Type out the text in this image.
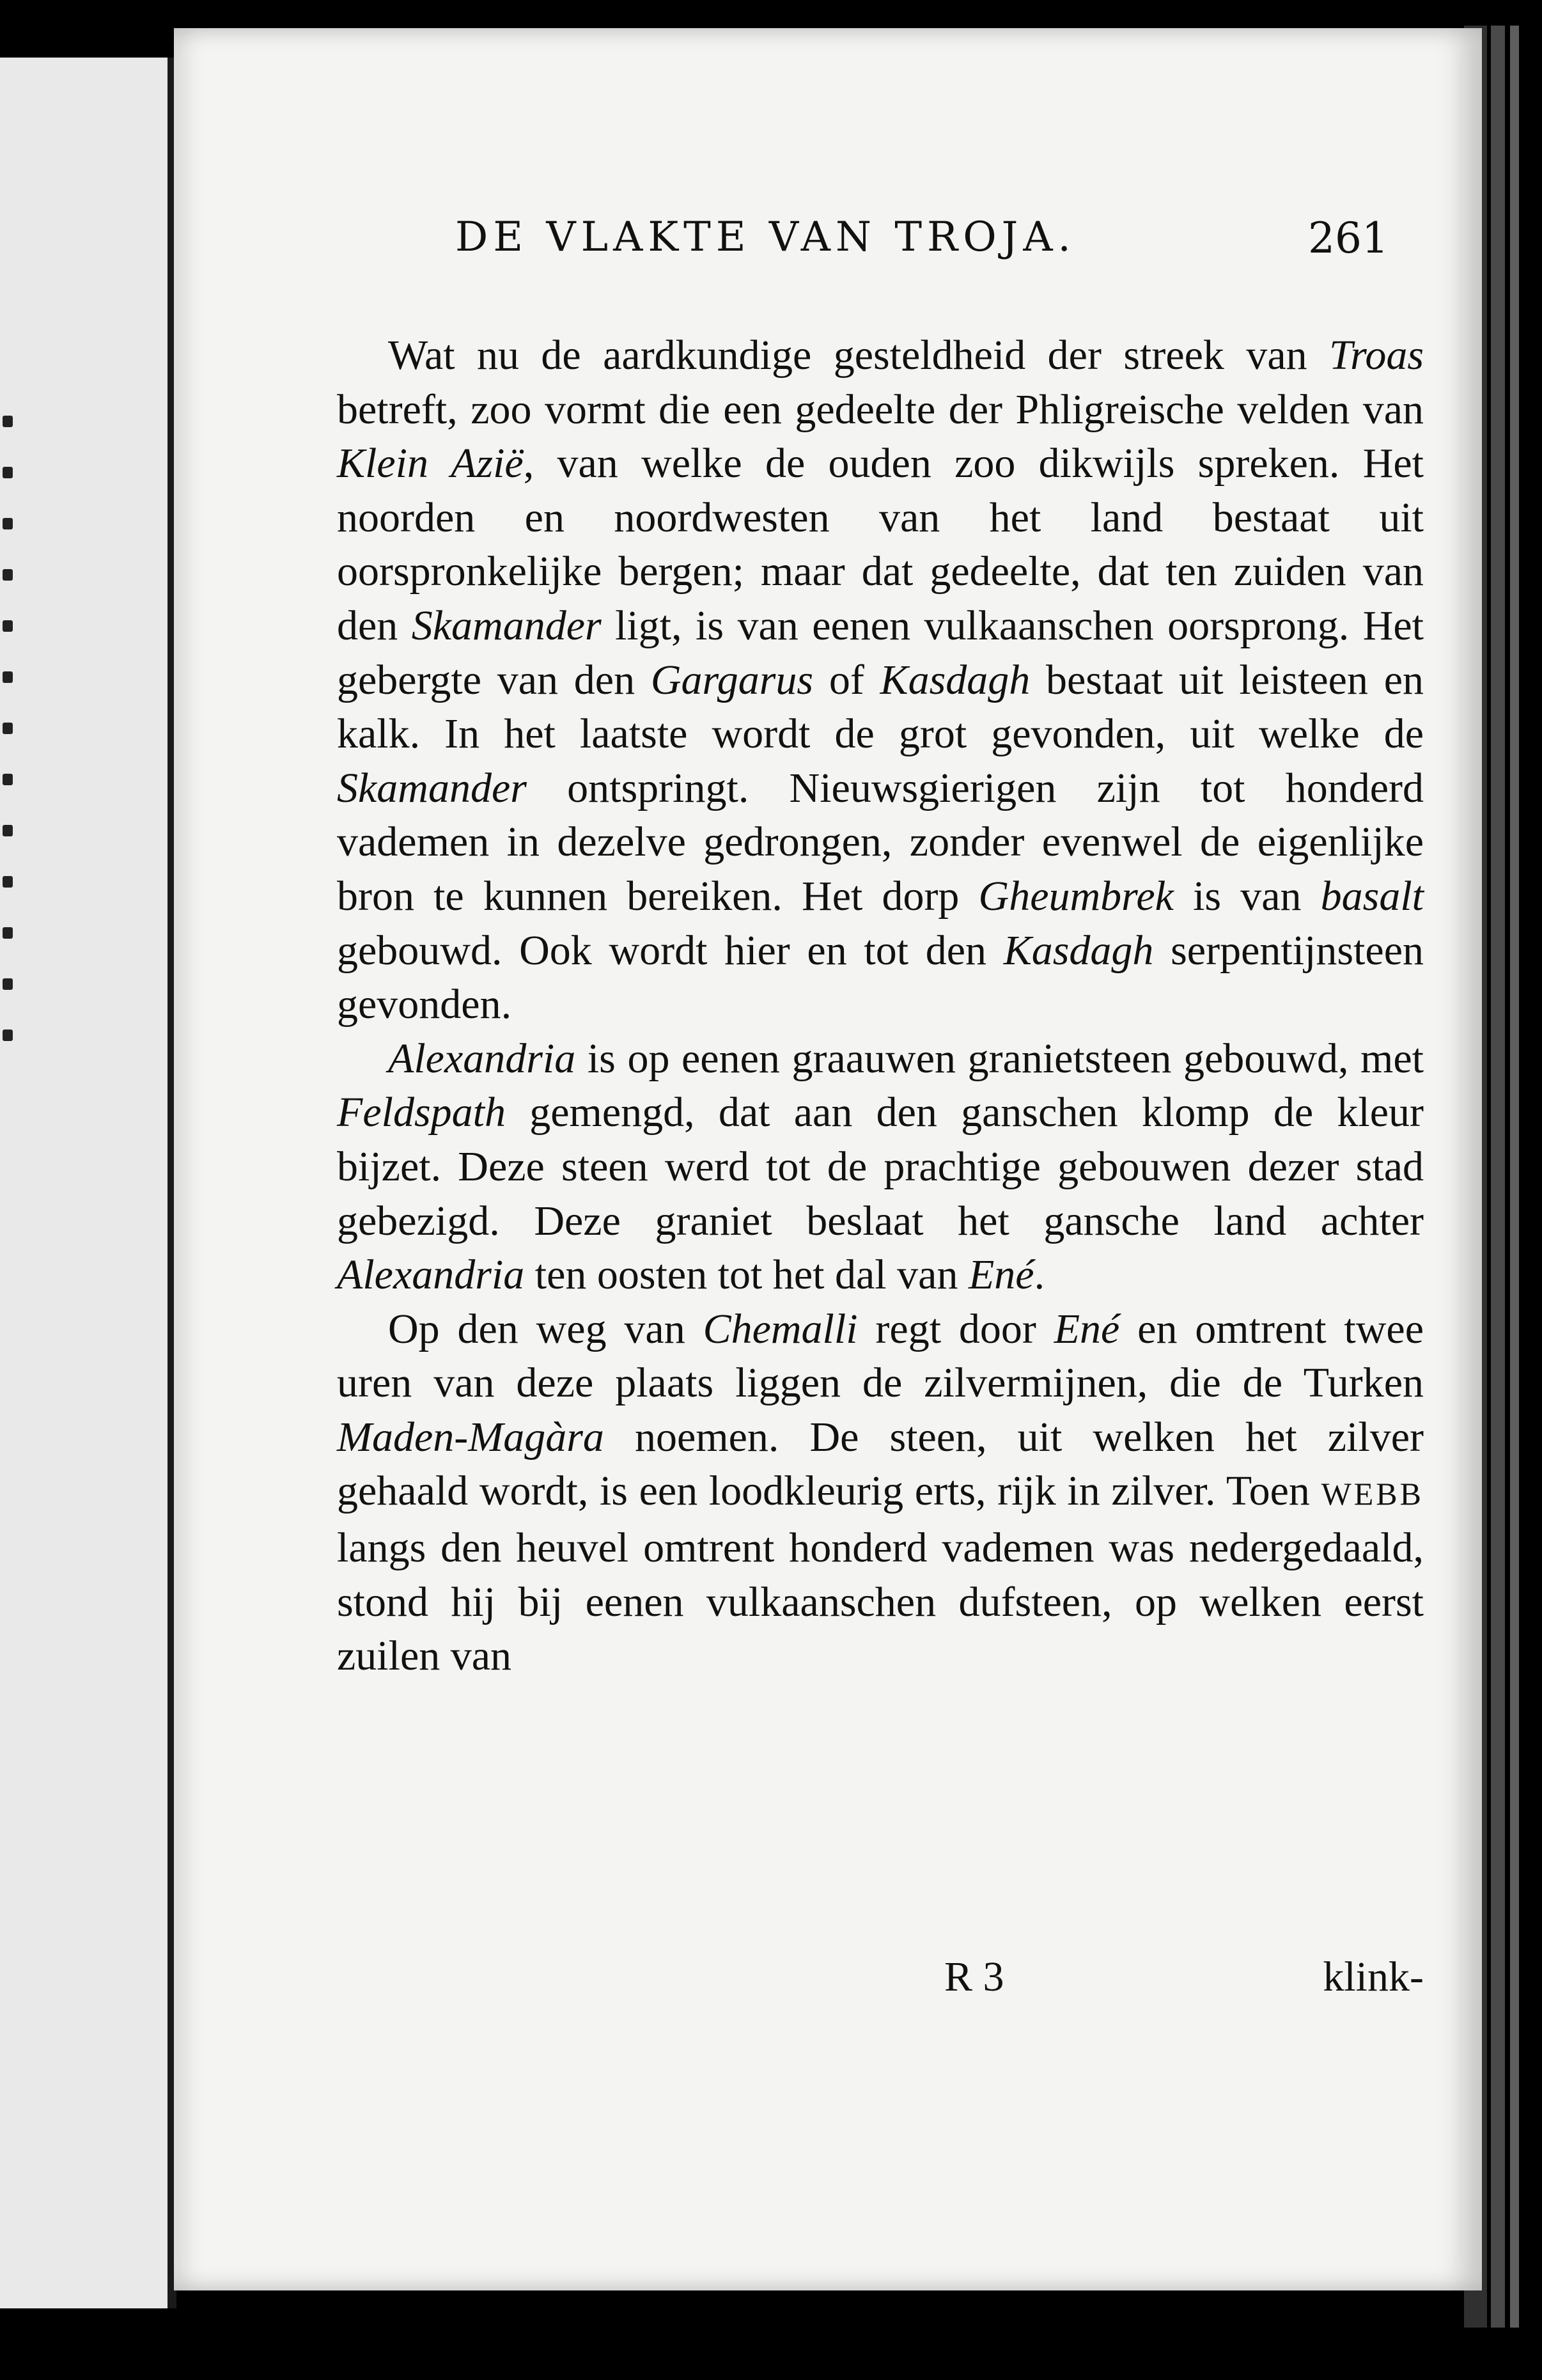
DE VLAKTE VAN TROJA.	261

Wat nu de aardkundige gesteldheid der streek van Troas betreft, zoo vormt die een gedeelte der Phligreische velden van Klein Azië, van welke de ouden zoo dikwijls spreken. Het noorden en noordwesten van het land bestaat uit oorspronkelijke bergen; maar dat gedeelte, dat ten zuiden van den Skamander ligt, is van eenen vulkaanschen oorsprong. Het gebergte van den Gargarus of Kasdagh bestaat uit leisteen en kalk. In het laatste wordt de grot gevonden, uit welke de Skamander ontspringt. Nieuwsgierigen zijn tot honderd vademen in dezelve gedrongen, zonder evenwel de eigenlijke bron te kunnen bereiken. Het dorp Gheumbrek is van basalt gebouwd. Ook wordt hier en tot den Kasdagh serpentijnsteen gevonden.

Alexandria is op eenen graauwen granietsteen gebouwd, met Feldspath gemengd, dat aan den ganschen klomp de kleur bijzet. Deze steen werd tot de prachtige gebouwen dezer stad gebezigd. Deze graniet beslaat het gansche land achter Alexandria ten oosten tot het dal van Ené.

Op den weg van Chemalli regt door Ené en omtrent twee uren van deze plaats liggen de zilvermijnen, die de Turken Maden-Magàra noemen. De steen, uit welken het zilver gehaald wordt, is een loodkleurig erts, rijk in zilver. Toen WEBB langs den heuvel omtrent honderd vademen was nedergedaald, stond hij bij eenen vulkaanschen dufsteen, op welken eerst zuilen van

R 3	klink-
